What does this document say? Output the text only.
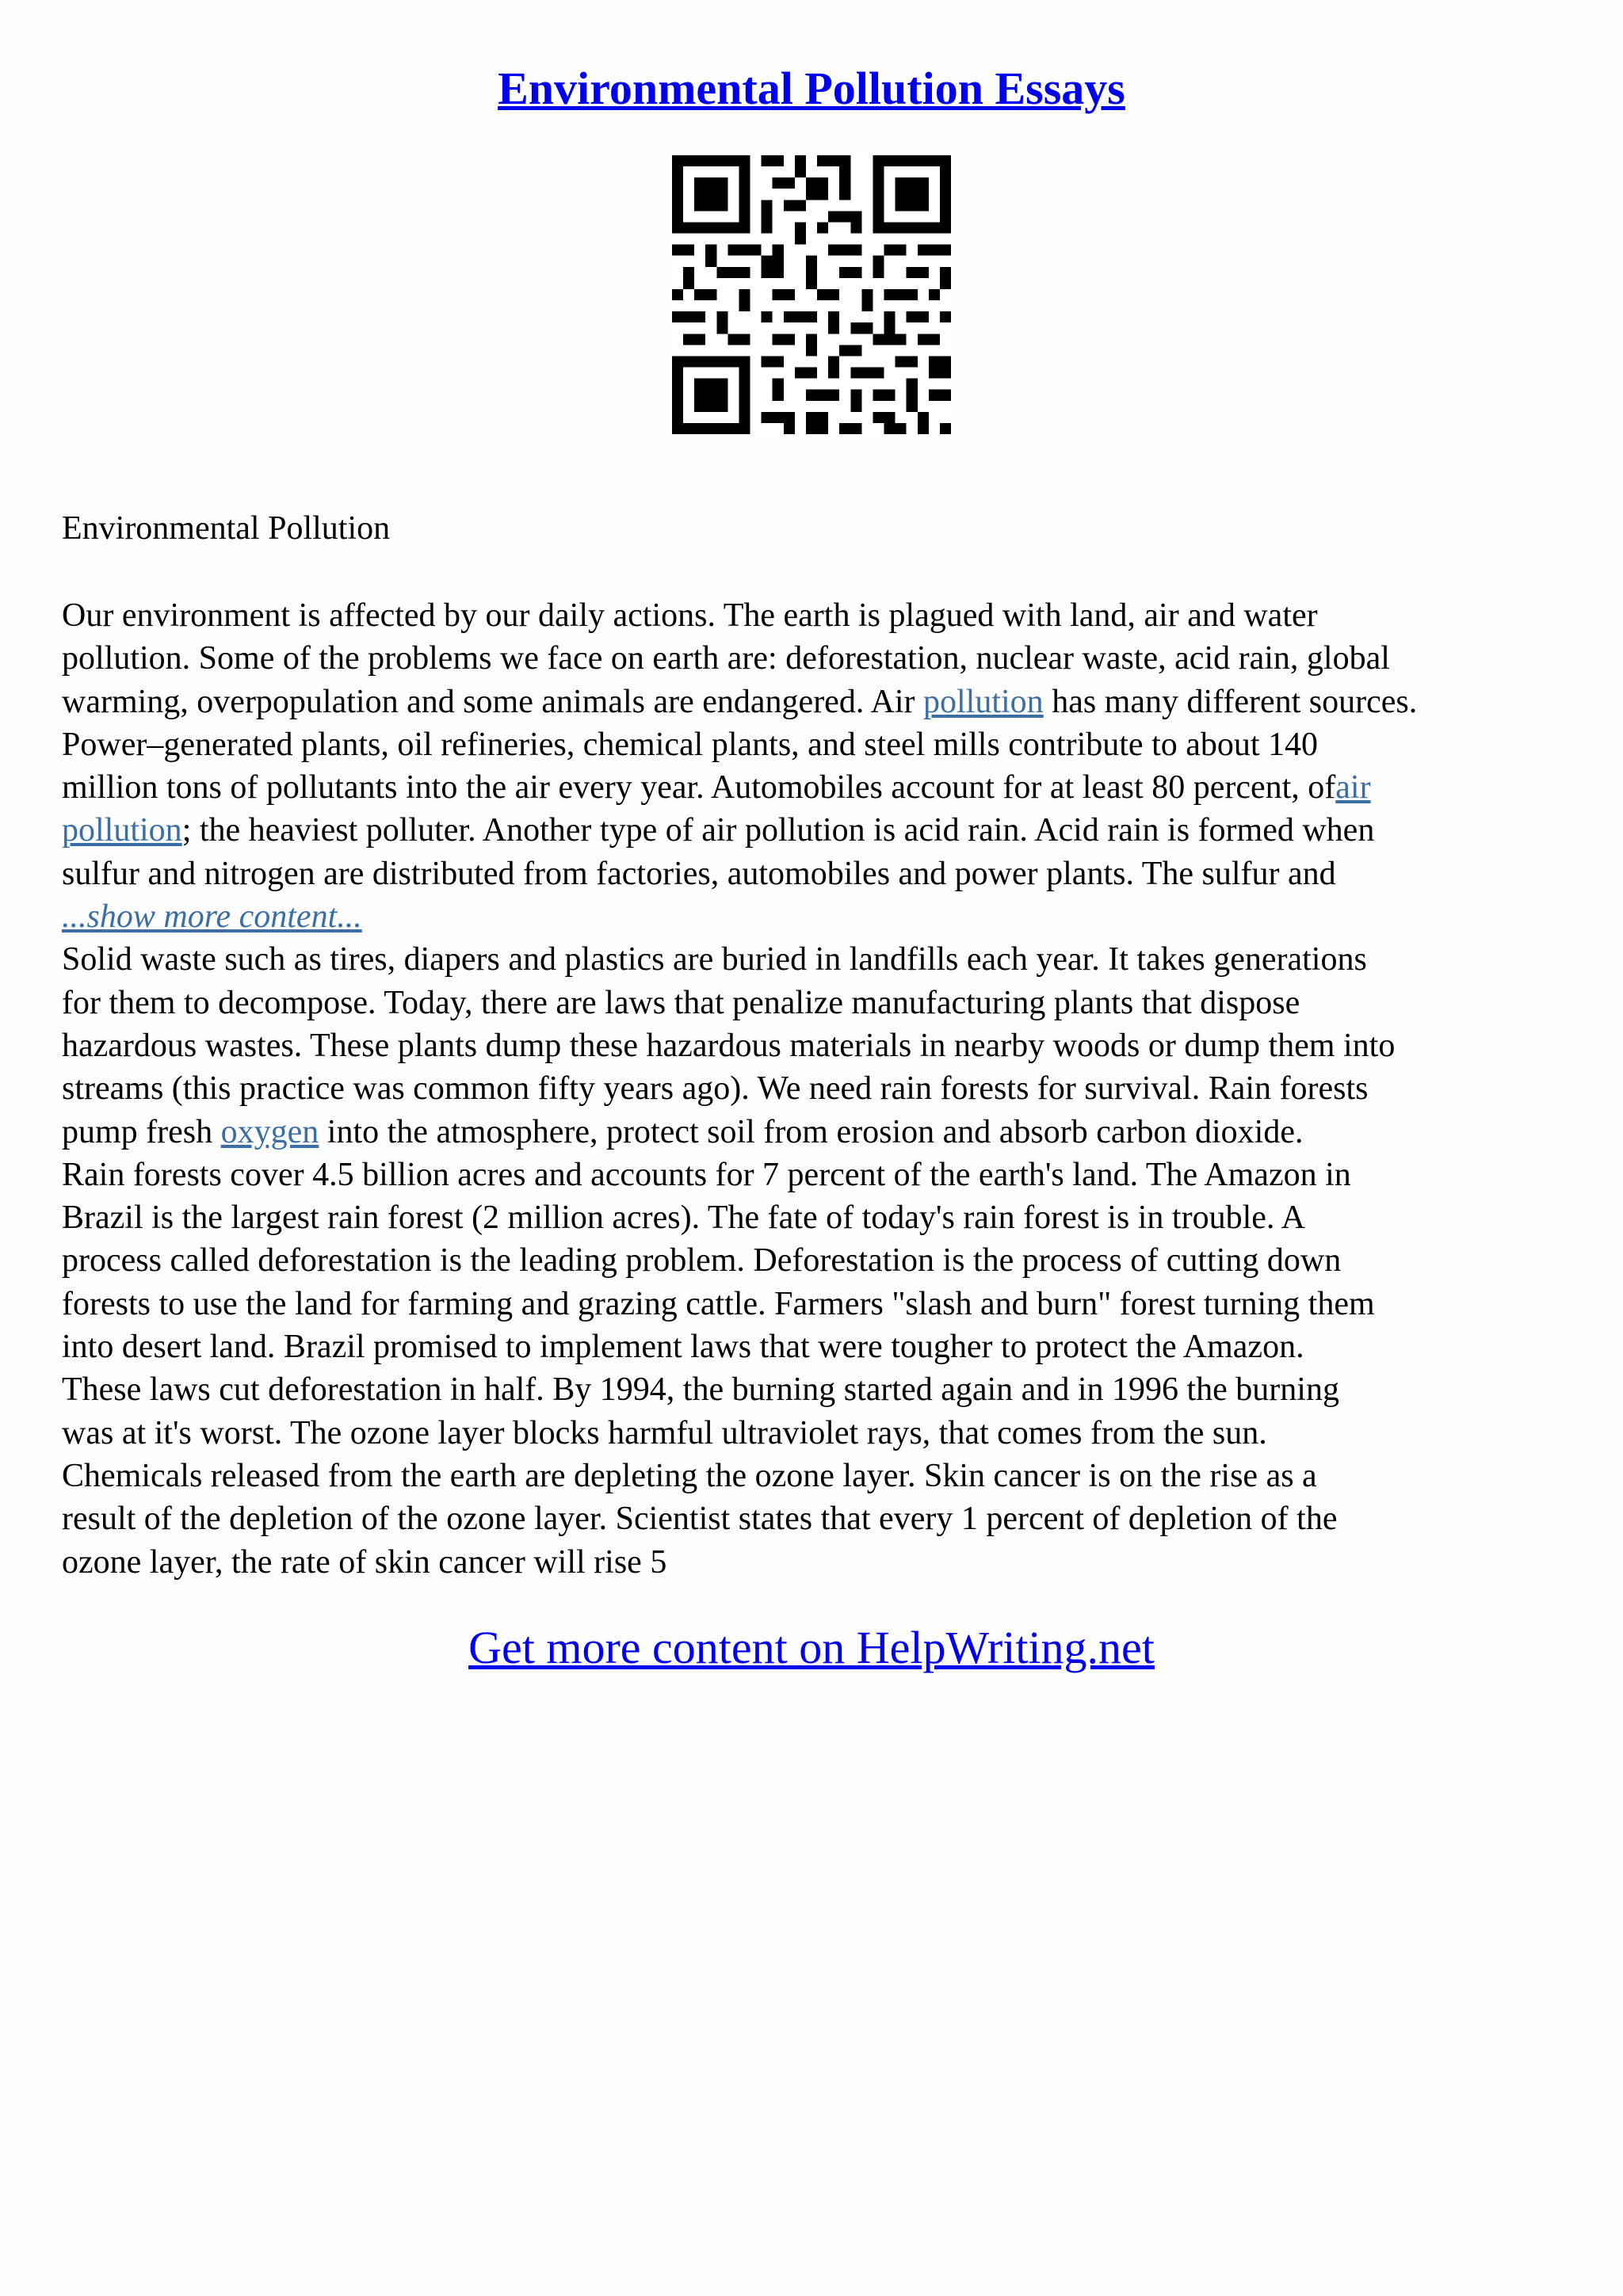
Environmental Pollution Essays
Environmental Pollution

Our environment is affected by our daily actions. The earth is plagued with land, air and water
pollution. Some of the problems we face on earth are: deforestation, nuclear waste, acid rain, global
warming, overpopulation and some animals are endangered. Air pollution has many different sources.
Power–generated plants, oil refineries, chemical plants, and steel mills contribute to about 140
million tons of pollutants into the air every year. Automobiles account for at least 80 percent, ofair
pollution; the heaviest polluter. Another type of air pollution is acid rain. Acid rain is formed when
sulfur and nitrogen are distributed from factories, automobiles and power plants. The sulfur and
...show more content...

Solid waste such as tires, diapers and plastics are buried in landfills each year. It takes generations
for them to decompose. Today, there are laws that penalize manufacturing plants that dispose
hazardous wastes. These plants dump these hazardous materials in nearby woods or dump them into
streams (this practice was common fifty years ago). We need rain forests for survival. Rain forests
pump fresh oxygen into the atmosphere, protect soil from erosion and absorb carbon dioxide.
Rain forests cover 4.5 billion acres and accounts for 7 percent of the earth's land. The Amazon in
Brazil is the largest rain forest (2 million acres). The fate of today's rain forest is in trouble. A
process called deforestation is the leading problem. Deforestation is the process of cutting down
forests to use the land for farming and grazing cattle. Farmers "slash and burn" forest turning them
into desert land. Brazil promised to implement laws that were tougher to protect the Amazon.
These laws cut deforestation in half. By 1994, the burning started again and in 1996 the burning
was at it's worst. The ozone layer blocks harmful ultraviolet rays, that comes from the sun.
Chemicals released from the earth are depleting the ozone layer. Skin cancer is on the rise as a
result of the depletion of the ozone layer. Scientist states that every 1 percent of depletion of the
ozone layer, the rate of skin cancer will rise 5

Get more content on HelpWriting.net
